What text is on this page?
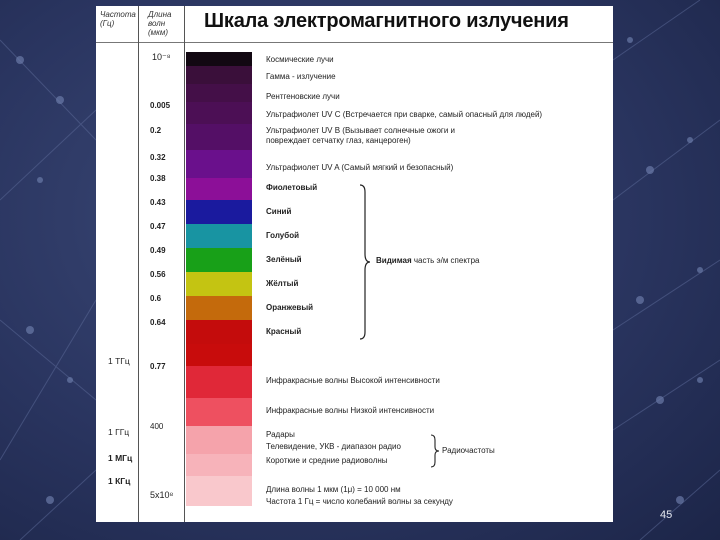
Частота (Гц)
Длина волн (мкм)
Шкала электромагнитного излучения
10⁻⁸
0.005
0.2
0.32
0.38
0.43
0.47
0.49
0.56
0.6
0.64
0.77
400
5x10⁸
1 ТГц
1 ГГц
1 МГц
1 КГц
Космические лучи
Гамма - излучение
Рентгеновские лучи
Ультрафиолет UV C (Встречается при сварке, самый опасный для людей)
Ультрафиолет UV B (Вызывает солнечные ожоги и повреждает сетчатку глаз, канцероген)
Ультрафиолет UV A (Самый мягкий и безопасный)
Фиолетовый
Синий
Голубой
Зелёный
Жёлтый
Оранжевый
Красный
Инфракрасные волны Высокой интенсивности
Инфракрасные волны Низкой интенсивности
Радары
Телевидение, УКВ - диапазон радио
Короткие и средние радиоволны
Видимая часть э/м спектра
Радиочастоты
Длина волны 1 мкм (1μ) = 10 000 нм
Частота 1 Гц = число колебаний волны за секунду
45
